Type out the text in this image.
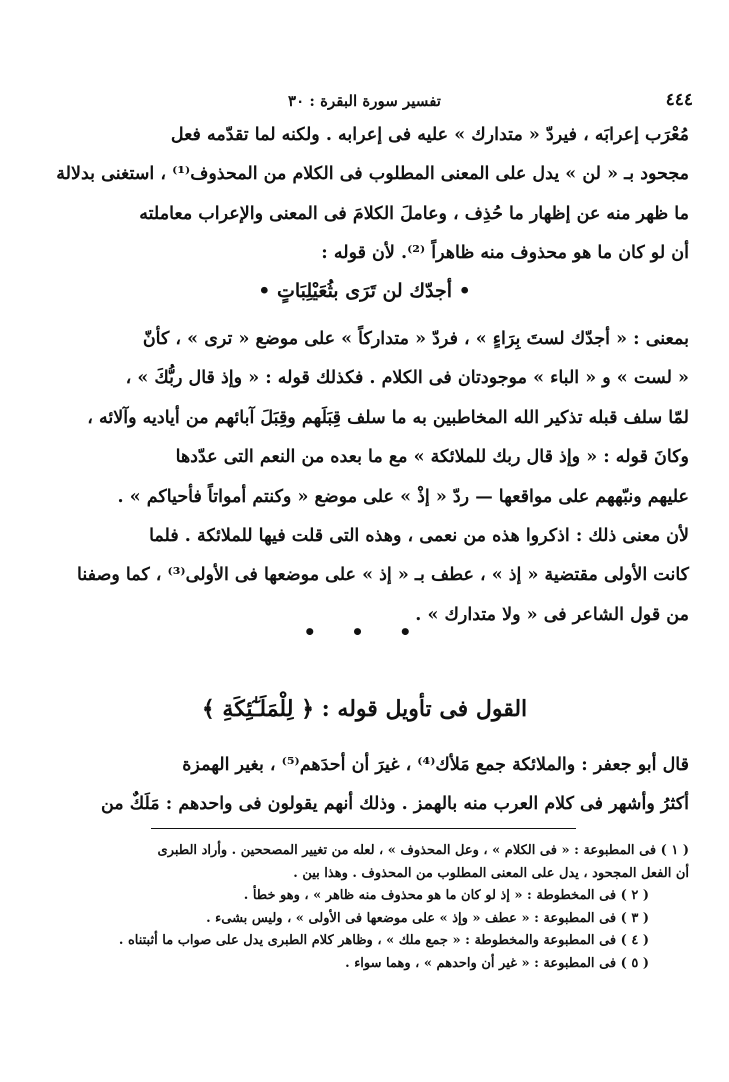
٤٤٤
تفسير سورة البقرة : ٣٠

مُعْرَب إعرابَه ، فيردّ « متدارك » عليه فى إعرابه . ولكنه لما تقدّمه فعل

مجحود بـ « لن » يدل على المعنى المطلوب فى الكلام من المحذوف⁽¹⁾ ، استغنى بدلالة

ما ظهر منه عن إظهار ما حُذِف ، وعاملَ الكلامَ فى المعنى والإعراب معاملته

أن لو كان ما هو محذوف منه ظاهراً ⁽²⁾. لأن قوله :

• أجدّك لن تَرَى بثُعَيْلِبَاتٍ •

بمعنى : « أجدّك لستَ بِرَاءٍ » ، فردّ « متداركاً » على موضع « ترى » ، كأنّ

« لست » و « الباء » موجودتان فى الكلام . فكذلك قوله : « وإذ قال ربُّكَ » ،

لمّا سلف قبله تذكير الله المخاطبين به ما سلف قِبَلَهم وقِبَلَ آبائهم من أياديه وآلائه ،

وكانَ قوله : « وإذ قال ربك للملائكة » مع ما بعده من النعم التى عدّدها

عليهم ونبّههم على مواقعها — ردّ « إذْ » على موضع « وكنتم أمواتاً فأحياكم » .

لأن معنى ذلك : اذكروا هذه من نعمى ، وهذه التى قلت فيها للملائكة . فلما

كانت الأولى مقتضية « إذ » ، عطف بـ « إذ » على موضعها فى الأولى⁽³⁾ ، كما وصفنا

من قول الشاعر فى « ولا متدارك » .

• • •
القول فى تأويل قوله : ﴿ لِلْمَلَـٰٓئِكَةِ ﴾

قال أبو جعفر : والملائكة جمع مَلأك⁽⁴⁾ ، غيرَ أن أحدَهم⁽⁵⁾ ، بغير الهمزة

أكثرُ وأشهر فى كلام العرب منه بالهمز . وذلك أنهم يقولون فى واحدهم : مَلَكٌ من

( ١ ) فى المطبوعة : « فى الكلام » ، وعل المحذوف » ، لعله من تغيير المصححين . وأراد الطبرى

أن الفعل المجحود ، يدل على المعنى المطلوب من المحذوف . وهذا بين .

( ٢ ) فى المخطوطة : « إذ لو كان ما هو محذوف منه ظاهر » ، وهو خطأ .

( ٣ ) فى المطبوعة : « عطف « وإذ » على موضعها فى الأولى » ، وليس بشىء .

( ٤ ) فى المطبوعة والمخطوطة : « جمع ملك » ، وظاهر كلام الطبرى يدل على صواب ما أثبتناه .

( ٥ ) فى المطبوعة : « غير أن واحدهم » ، وهما سواء .
